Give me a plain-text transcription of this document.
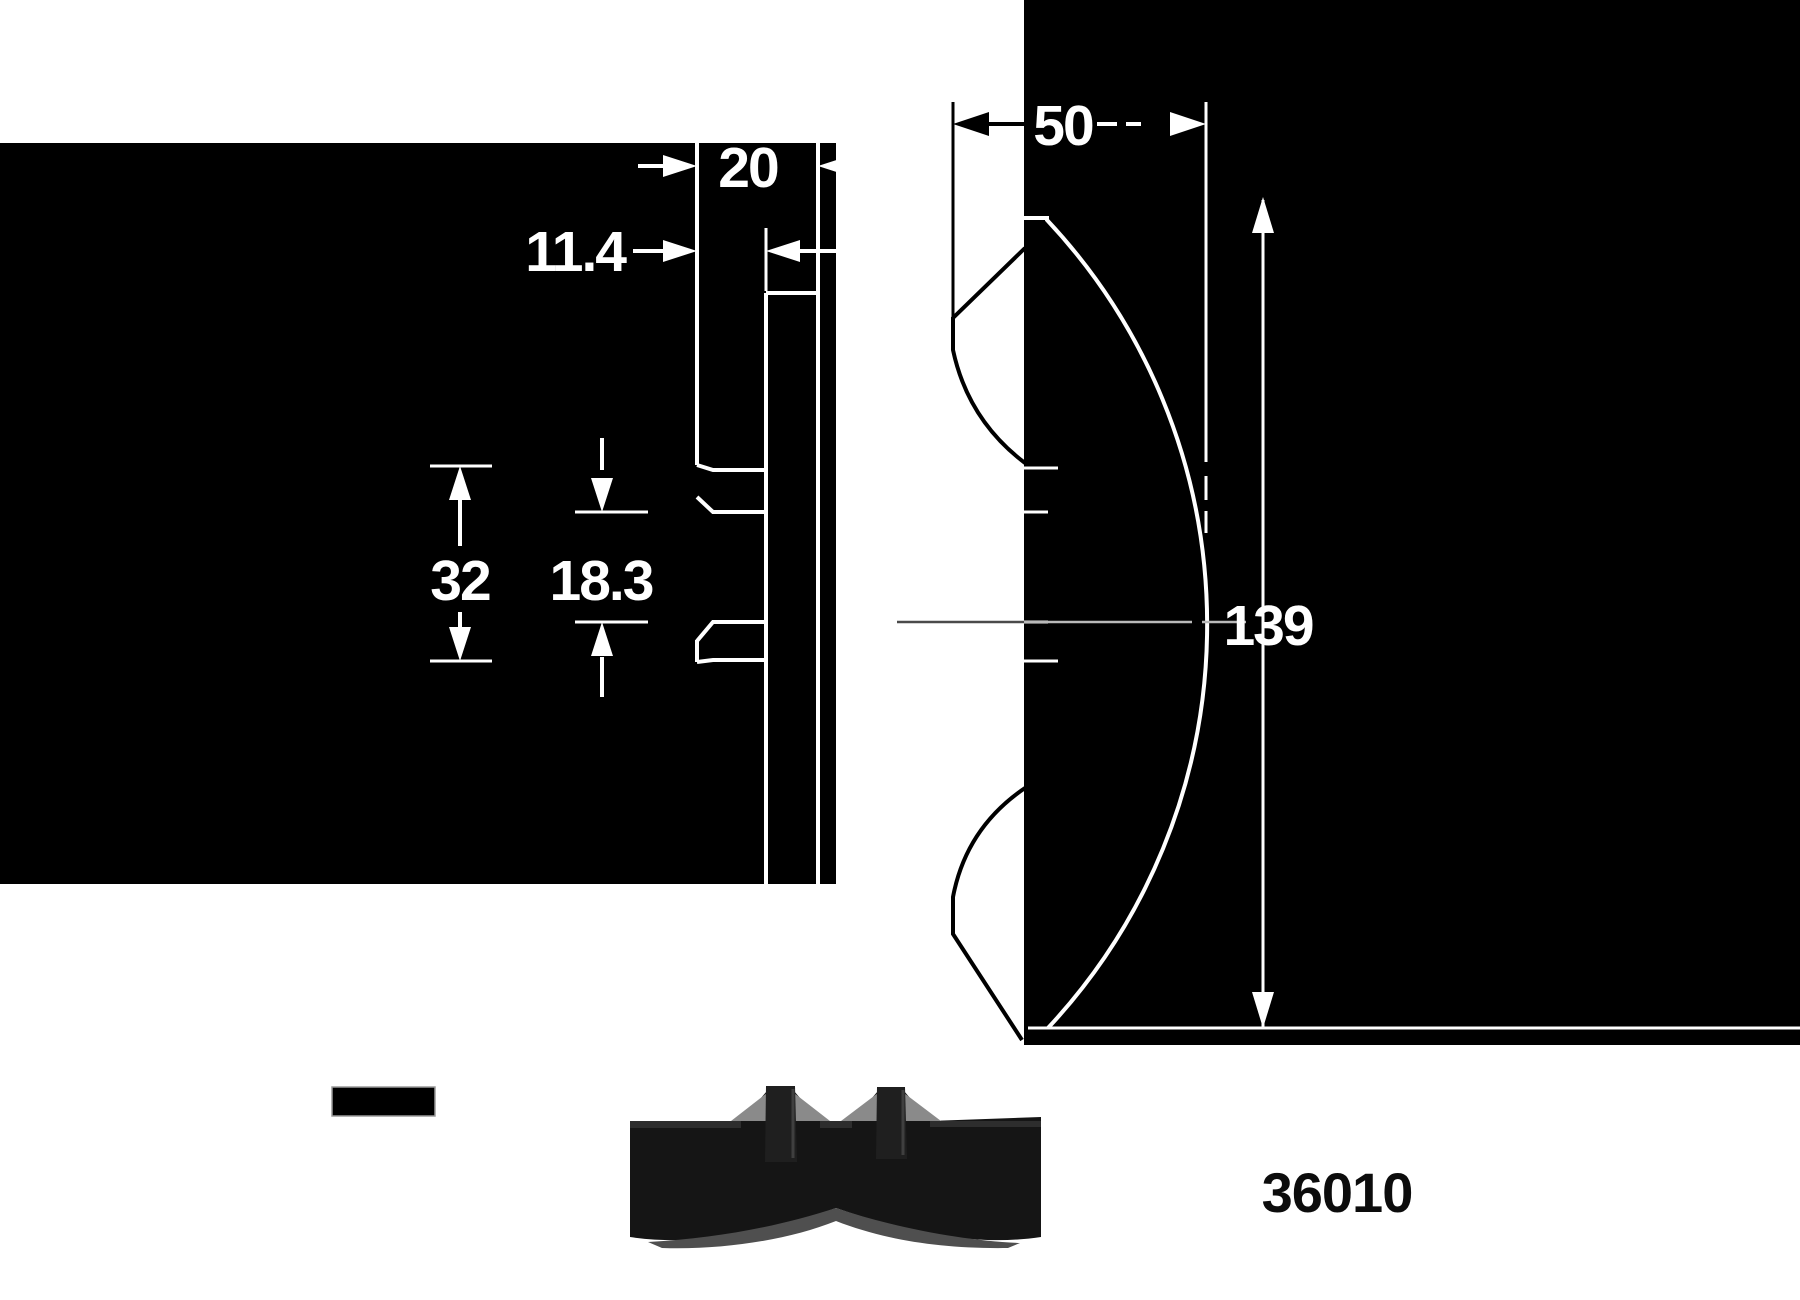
20
11.4
32 18.3
50
139
36010
